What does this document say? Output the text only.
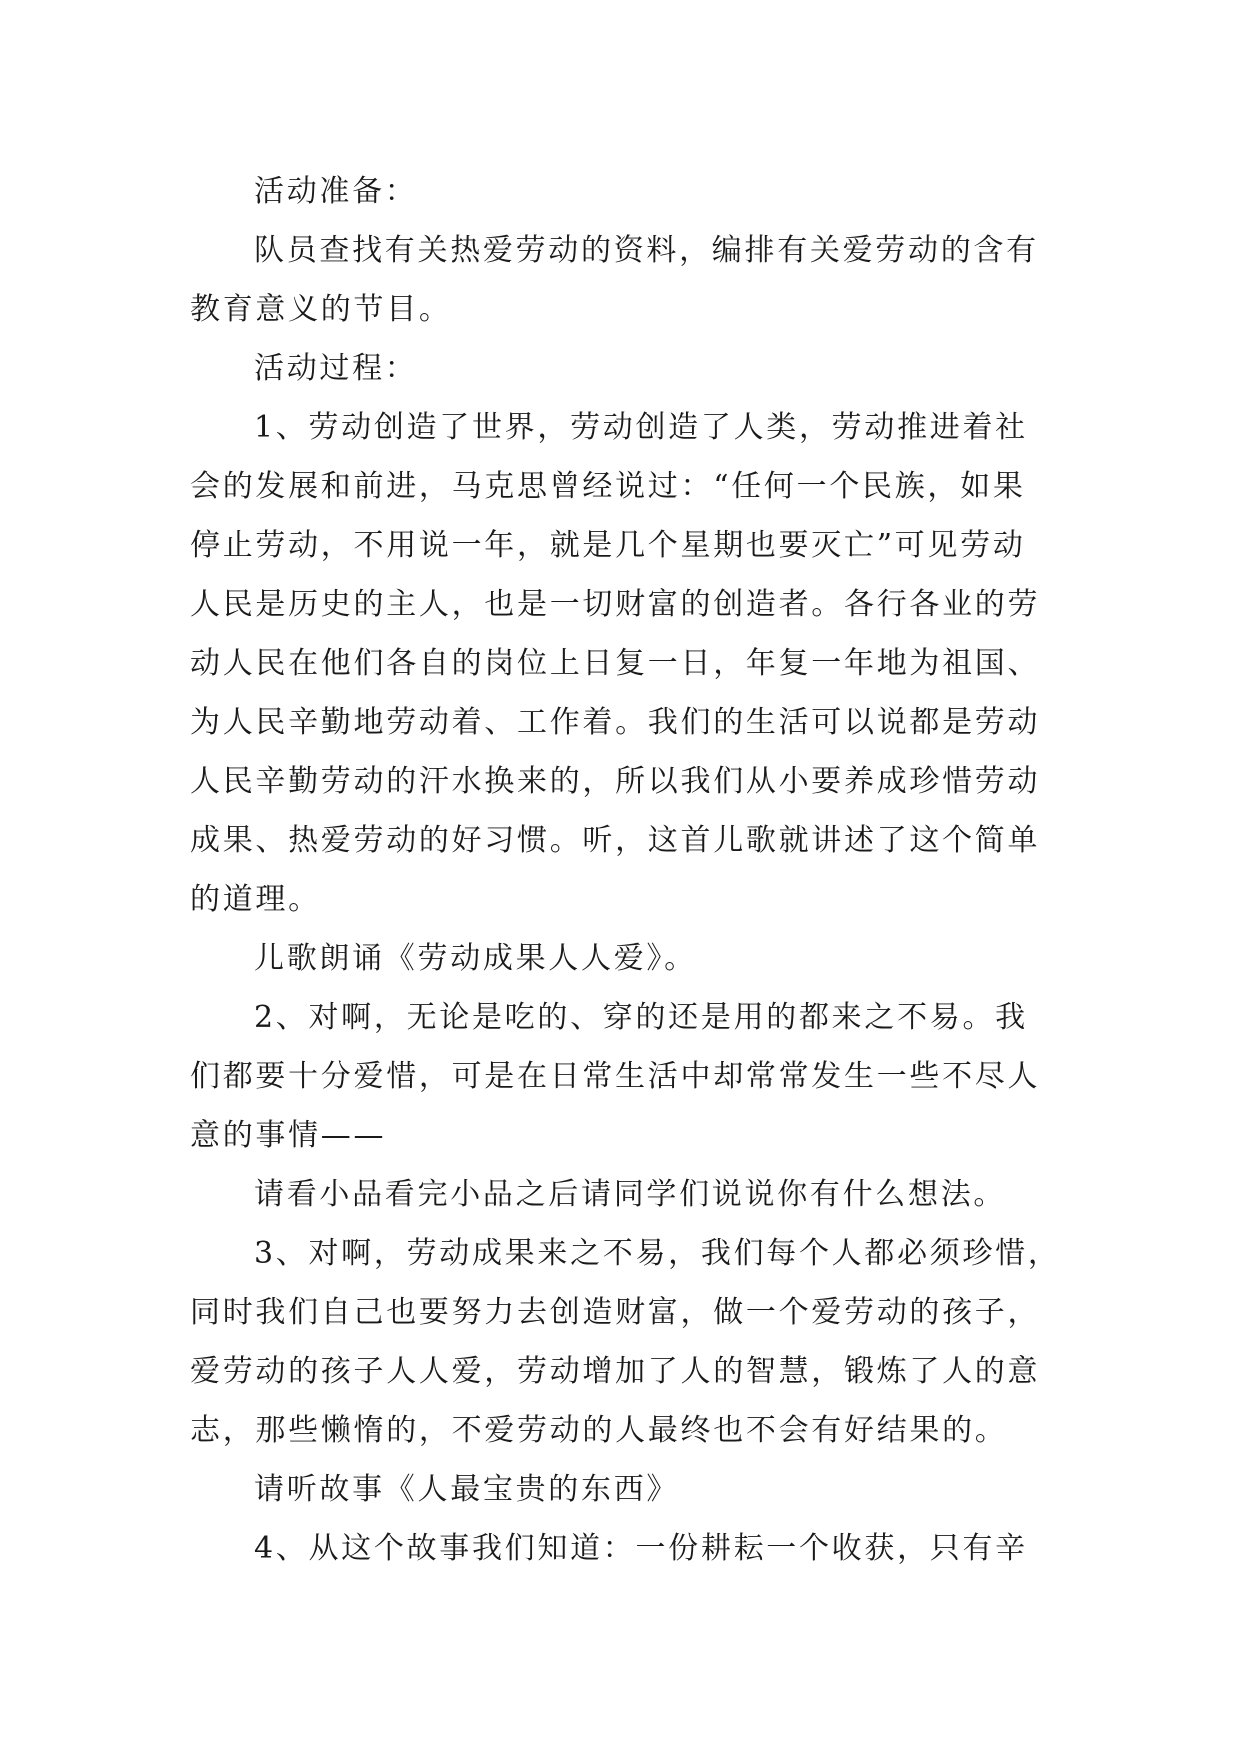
活动准备：

队员查找有关热爱劳动的资料，编排有关爱劳动的含有
教育意义的节目。

活动过程：

1、劳动创造了世界，劳动创造了人类，劳动推进着社
会的发展和前进，马克思曾经说过：“任何一个民族，如果
停止劳动，不用说一年，就是几个星期也要灭亡”可见劳动
人民是历史的主人，也是一切财富的创造者。各行各业的劳
动人民在他们各自的岗位上日复一日，年复一年地为祖国、
为人民辛勤地劳动着、工作着。我们的生活可以说都是劳动
人民辛勤劳动的汗水换来的，所以我们从小要养成珍惜劳动
成果、热爱劳动的好习惯。听，这首儿歌就讲述了这个简单
的道理。

儿歌朗诵《劳动成果人人爱》。

2、对啊，无论是吃的、穿的还是用的都来之不易。我
们都要十分爱惜，可是在日常生活中却常常发生一些不尽人
意的事情——

请看小品看完小品之后请同学们说说你有什么想法。

3、对啊，劳动成果来之不易，我们每个人都必须珍惜，
同时我们自己也要努力去创造财富，做一个爱劳动的孩子，
爱劳动的孩子人人爱，劳动增加了人的智慧，锻炼了人的意
志，那些懒惰的，不爱劳动的人最终也不会有好结果的。

请听故事《人最宝贵的东西》

4、从这个故事我们知道：一份耕耘一个收获，只有辛
